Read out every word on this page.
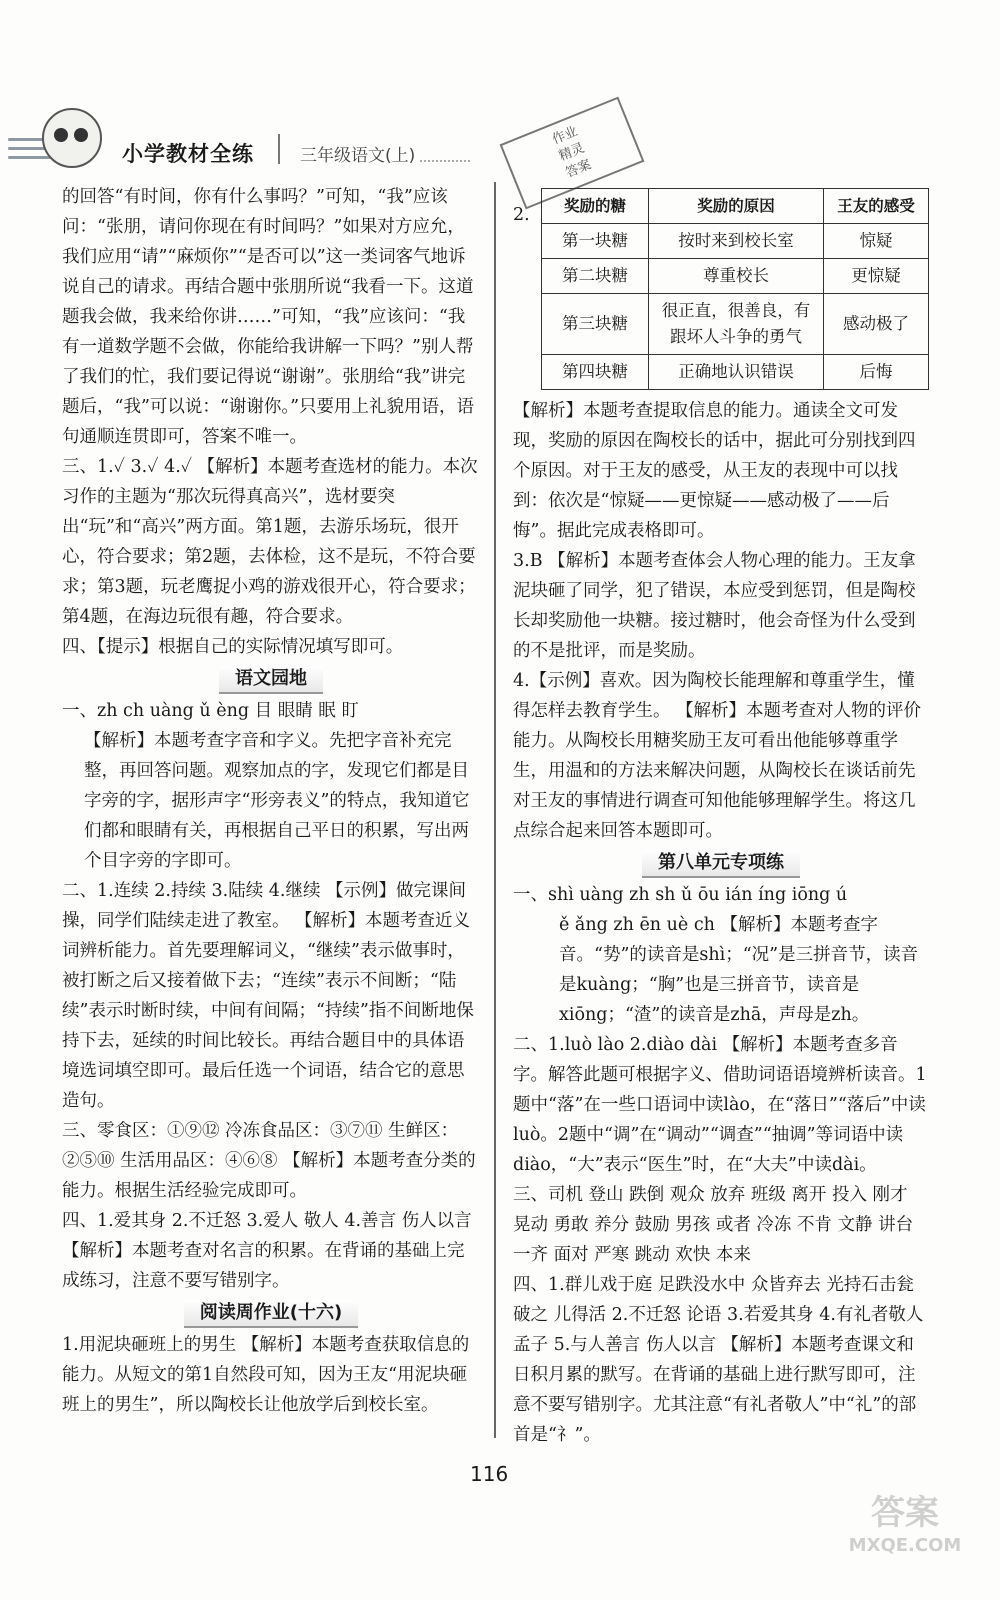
小学教材全练	三年级语文(上)
作业
精灵
答案
的回答“有时间，你有什么事吗？”可知，“我”应该问：“张朋，请问你现在有时间吗？”如果对方应允，我们应用“请”“麻烦你”“是否可以”这一类词客气地诉说自己的请求。再结合题中张朋所说“我看一下。这道题我会做，我来给你讲……”可知，“我”应该问：“我有一道数学题不会做，你能给我讲解一下吗？”别人帮了我们的忙，我们要记得说“谢谢”。张朋给“我”讲完题后，“我”可以说：“谢谢你。”只要用上礼貌用语，语句通顺连贯即可，答案不唯一。
三、1.✓ 3.✓ 4.✓ 【解析】本题考查选材的能力。本次习作的主题为“那次玩得真高兴”，选材要突出“玩”和“高兴”两方面。第1题，去游乐场玩，很开心，符合要求；第2题，去体检，这不是玩，不符合要求；第3题，玩老鹰捉小鸡的游戏很开心，符合要求；第4题，在海边玩很有趣，符合要求。
四、【提示】根据自己的实际情况填写即可。
语文园地
一、zh ch uàng ǔ èng 目 眼睛 眠 盯
【解析】本题考查字音和字义。先把字音补充完整，再回答问题。观察加点的字，发现它们都是目字旁的字，据形声字“形旁表义”的特点，我知道它们都和眼睛有关，再根据自己平日的积累，写出两个目字旁的字即可。
二、1.连续 2.持续 3.陆续 4.继续 【示例】做完课间操，同学们陆续走进了教室。 【解析】本题考查近义词辨析能力。首先要理解词义，“继续”表示做事时，被打断之后又接着做下去；“连续”表示不间断；“陆续”表示时断时续，中间有间隔；“持续”指不间断地保持下去，延续的时间比较长。再结合题目中的具体语境选词填空即可。最后任选一个词语，结合它的意思造句。
三、零食区：①⑨⑫ 冷冻食品区：③⑦⑪ 生鲜区：②⑤⑩ 生活用品区：④⑥⑧ 【解析】本题考查分类的能力。根据生活经验完成即可。
四、1.爱其身 2.不迁怒 3.爱人 敬人 4.善言 伤人以言 【解析】本题考查对名言的积累。在背诵的基础上完成练习，注意不要写错别字。
阅读周作业(十六)
1.用泥块砸班上的男生 【解析】本题考查获取信息的能力。从短文的第1自然段可知，因为王友“用泥块砸班上的男生”，所以陶校长让他放学后到校长室。
2. 奖励的糖	奖励的原因	王友的感受
第一块糖	按时来到校长室	惊疑
第二块糖	尊重校长	更惊疑
第三块糖	很正直，很善良，有跟坏人斗争的勇气	感动极了
第四块糖	正确地认识错误	后悔
【解析】本题考查提取信息的能力。通读全文可发现，奖励的原因在陶校长的话中，据此可分别找到四个原因。对于王友的感受，从王友的表现中可以找到：依次是“惊疑——更惊疑——感动极了——后悔”。据此完成表格即可。
3.B 【解析】本题考查体会人物心理的能力。王友拿泥块砸了同学，犯了错误，本应受到惩罚，但是陶校长却奖励他一块糖。接过糖时，他会奇怪为什么受到的不是批评，而是奖励。
4.【示例】喜欢。因为陶校长能理解和尊重学生，懂得怎样去教育学生。 【解析】本题考查对人物的评价能力。从陶校长用糖奖励王友可看出他能够尊重学生，用温和的方法来解决问题，从陶校长在谈话前先对王友的事情进行调查可知他能够理解学生。将这几点综合起来回答本题即可。
第八单元专项练
一、shì uàng zh sh ǔ ōu ián íng iōng ú
ě ǎng zh ēn uè ch 【解析】本题考查字音。“势”的读音是shì；“况”是三拼音节，读音是kuàng；“胸”也是三拼音节，读音是xiōng；“渣”的读音是zhā，声母是zh。
二、1.luò lào 2.diào dài 【解析】本题考查多音字。解答此题可根据字义、借助词语语境辨析读音。1题中“落”在一些口语词中读lào，在“落日”“落后”中读luò。2题中“调”在“调动”“调查”“抽调”等词语中读diào，“大”表示“医生”时，在“大夫”中读dài。
三、司机 登山 跌倒 观众 放弃 班级 离开 投入 刚才 晃动 勇敢 养分 鼓励 男孩 或者 冷冻 不肯 文静 讲台 一齐 面对 严寒 跳动 欢快 本来
四、1.群儿戏于庭 足跌没水中 众皆弃去 光持石击瓮破之 儿得活 2.不迁怒 论语 3.若爱其身 4.有礼者敬人 孟子 5.与人善言 伤人以言 【解析】本题考查课文和日积月累的默写。在背诵的基础上进行默写即可，注意不要写错别字。尤其注意“有礼者敬人”中“礼”的部首是“礻”。
116
答案
MXQE.COM
